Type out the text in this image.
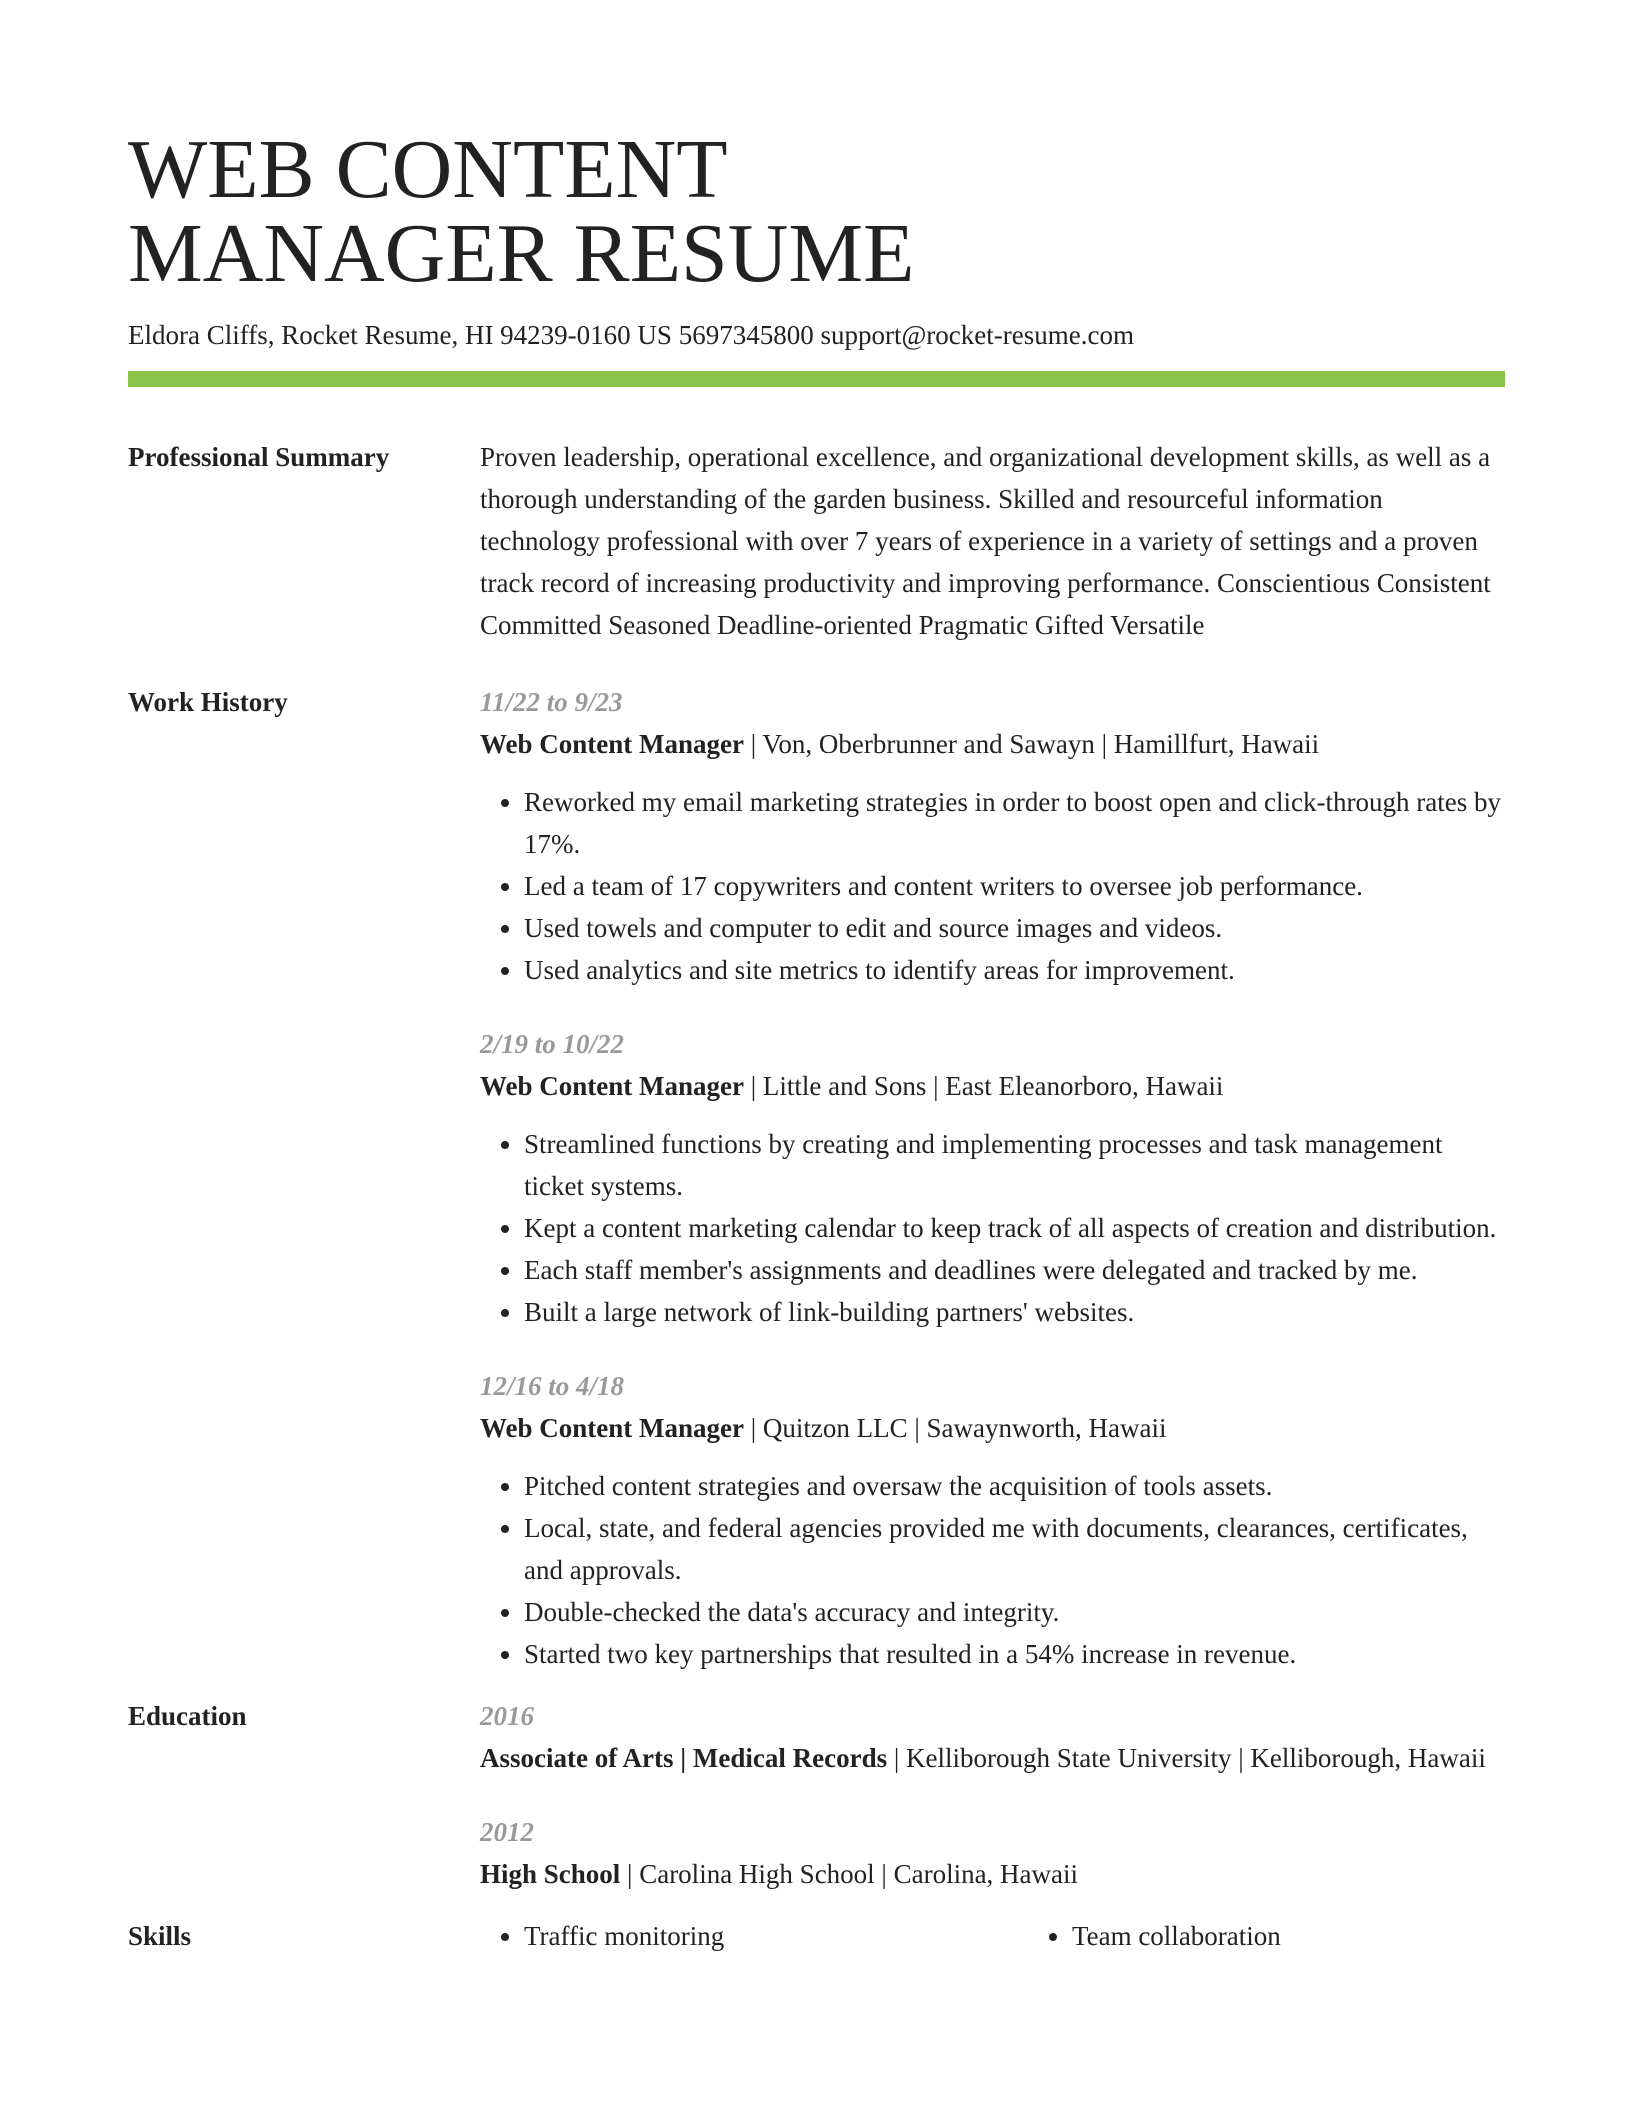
WEB CONTENT
MANAGER RESUME
Eldora Cliffs, Rocket Resume, HI 94239-0160 US 5697345800 support@rocket-resume.com
Professional Summary	Proven leadership, operational excellence, and organizational development skills, as well as a thorough understanding of the garden business. Skilled and resourceful information technology professional with over 7 years of experience in a variety of settings and a proven track record of increasing productivity and improving performance. Conscientious Consistent Committed Seasoned Deadline-oriented Pragmatic Gifted Versatile
Work History	11/22 to 9/23
Web Content Manager | Von, Oberbrunner and Sawayn | Hamillfurt, Hawaii
• Reworked my email marketing strategies in order to boost open and click-through rates by 17%.
• Led a team of 17 copywriters and content writers to oversee job performance.
• Used towels and computer to edit and source images and videos.
• Used analytics and site metrics to identify areas for improvement.
2/19 to 10/22
Web Content Manager | Little and Sons | East Eleanorboro, Hawaii
• Streamlined functions by creating and implementing processes and task management ticket systems.
• Kept a content marketing calendar to keep track of all aspects of creation and distribution.
• Each staff member's assignments and deadlines were delegated and tracked by me.
• Built a large network of link-building partners' websites.
12/16 to 4/18
Web Content Manager | Quitzon LLC | Sawaynworth, Hawaii
• Pitched content strategies and oversaw the acquisition of tools assets.
• Local, state, and federal agencies provided me with documents, clearances, certificates, and approvals.
• Double-checked the data's accuracy and integrity.
• Started two key partnerships that resulted in a 54% increase in revenue.
Education	2016
Associate of Arts | Medical Records | Kelliborough State University | Kelliborough, Hawaii
2012
High School | Carolina High School | Carolina, Hawaii
Skills	• Traffic monitoring	• Team collaboration
